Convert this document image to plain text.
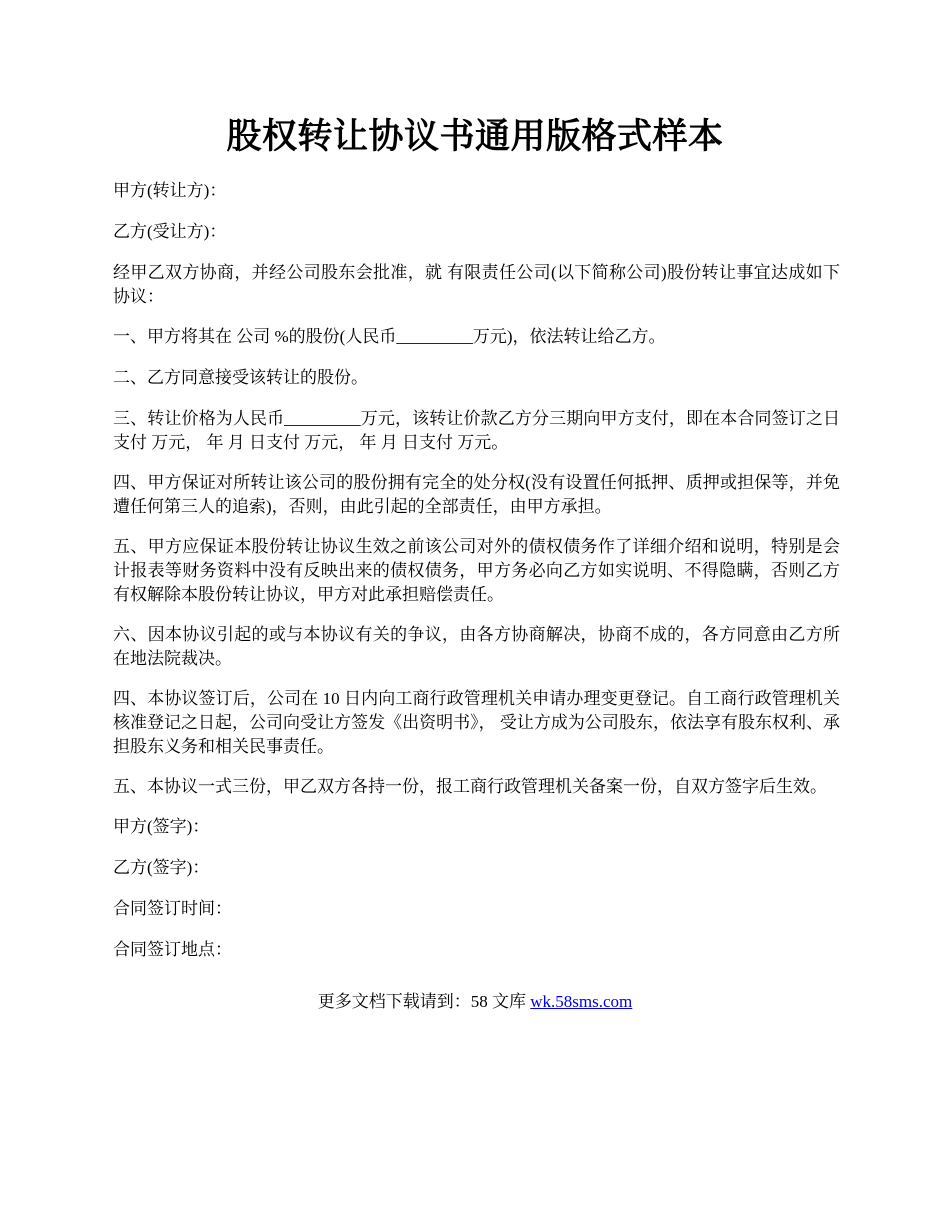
股权转让协议书通用版格式样本

甲方(转让方)：

乙方(受让方)：

经甲乙双方协商，并经公司股东会批准，就 有限责任公司(以下简称公司)股份转让事宜达成如下协议：

一、甲方将其在 公司 %的股份(人民币_________万元)，依法转让给乙方。

二、乙方同意接受该转让的股份。

三、转让价格为人民币_________万元，该转让价款乙方分三期向甲方支付，即在本合同签订之日支付 万元， 年 月 日支付 万元， 年 月 日支付 万元。

四、甲方保证对所转让该公司的股份拥有完全的处分权(没有设置任何抵押、质押或担保等，并免遭任何第三人的追索)，否则，由此引起的全部责任，由甲方承担。

五、甲方应保证本股份转让协议生效之前该公司对外的债权债务作了详细介绍和说明，特别是会计报表等财务资料中没有反映出来的债权债务，甲方务必向乙方如实说明、不得隐瞒，否则乙方有权解除本股份转让协议，甲方对此承担赔偿责任。

六、因本协议引起的或与本协议有关的争议，由各方协商解决，协商不成的，各方同意由乙方所在地法院裁决。

四、本协议签订后，公司在 10 日内向工商行政管理机关申请办理变更登记。自工商行政管理机关核准登记之日起，公司向受让方签发《出资明书》， 受让方成为公司股东，依法享有股东权利、承担股东义务和相关民事责任。

五、本协议一式三份，甲乙双方各持一份，报工商行政管理机关备案一份，自双方签字后生效。

甲方(签字)：

乙方(签字)：

合同签订时间：

合同签订地点：

更多文档下载请到：58 文库 wk.58sms.com
